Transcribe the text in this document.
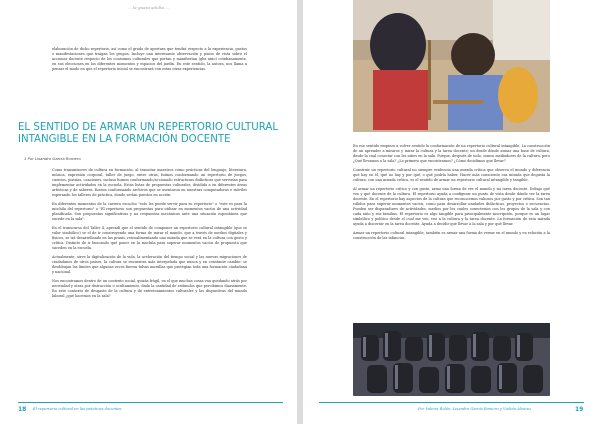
... la guasa adulta ...

elaboración de dicho repertorio, así como el grado de apertura que tendrá respecto a la experiencia, gustos o manifestaciones que traigan los grupos. Incluye una interesante observación y punto de vista sobre el accionar docente respecto de los consumos culturales que portan y manifiestan (ghs niño) cotidianamente, en sus elecciones en los diferentes momentos y espacios del jardín. En este sentido, la autora, nos llama a pensar el modo en que el repertorio inicial se encontrará con estas otras experiencias.

EL SENTIDO DE ARMAR UN REPERTORIO CULTURAL INTANGIBLE EN LA FORMACIÓN DOCENTE
1 Por Lisandro García Romero

Como transmisores de cultura en formación, al transitar maestros como prácticas del lenguaje, literatura, música, expresión corporal, taller de juego, entre otras, fuimos conformando un repertorio de juegos, cuentos, poesías, canciones, incluso fuimos conformando/accionado estructuras didácticas que servirían para implementar actividades en la escuela. Estas listas de propuestas culturales, dividida a en diferentes áreas artísticas y de saberes, fueron conformando archivos que se asentaron en nuestras computadoras e móviles esperando los talleres de práctica, donde serían puestos en acción.

En diferentes momentos de la carrera escucho "esto les puede servir para su repertorio" o "este es para la mochila del repertorio" o "El repertorio son propuestas para utilizar en momentos vacíos de una actividad planificada. Son propuestas significativas y no respuestas mecánicas ante una situación espontánea que sucede en la sala".

En el transcurso del Taller 4, aprendí que el sentido de componer un repertorio cultural intangible (que se valor simbólico) se el de ir construyendo una forma de mirar el mundo, que a través de medios digitales y físicos, se irá desarrollando en las praxis, retroalimentando una mirada que se verá en la cultura con gusto y crítica. Distinto de ir buscando qué poner en la mochila para superar momentos vacíos de propuesta que suceden en la escuela.

Actualmente, sirve la digitalización de la vida, la aceleración del tiempo social y las nuevas migraciones de ciudadanos de otros países, la cultura se encuentra más interpelada que nunca y en constante cambio: se desdibujan los límites que algunas veces fueron falsas murallas que protegían toda una formación ciudadana y nacional.

Nos encontramos dentro de un contexto social, quizás frágil, en el que muchas cosas van quedando atrás por necesidad y otras por distracción o ocultamiento, dado la cantidad de estímulos que percibimos diariamente. En este contexto de desgaste de la cultura y de entretenimientos culturales y las disyuntivas del mundo laboral ¿qué hacemos en la sala?

18 El repertorio cultural en las prácticas docentes

En ese sentido empiezo a volver sentido la conformación de un repertorio cultural intangible. La construcción de un aprender a mirarse y mirar la cultura y la tarea docente; un desde dónde armar una base de cultura, desde la cual conectar con les niñes en la sala. Porque, después de todo, somos mediadores de la cultura, pero ¿Qué llevamos a la sala? ¿Lo primero que encontramos? ¿Cómo decidimos que llevar?

Construir un repertorio cultural no siempre evidencia una mirada crítica que observa el mundo y diferencia qué hay en él, qué no hay y por qué, o qué podría haber. Hacer más consciente esa mirada que degusta la cultura, con una mirada crítica, es el sentido de armar un repertorio cultural intangible y tangible.

Al armar un repertorio crítico y con gusto, armo una forma de ver el mundo y mi tarea docente. Debajo qué veo y qué docente de la cultura. El repertorio ayuda a configurar un punto de vista desde dónde ver la tarea docente. En el repertorio hay aspectos de la cultura que reconocemos valiosos por gusto y por crítica. Son tan válidos para superar momentos vacíos, como para desarrollar unidades didácticas, proyectos o secuencias. Pueden ser disparadores de actividades, medios por les cuales conectemos con les grupos de la sala y con cada niño y sus familias. El repertorio es algo tangible para principalmente inscripción, porque es un lugar simbólico y político desde el cual me veo, veo a la cultura y la tarea docente. La formación de esta mirada ayuda a discernir en la tarea docente. Ayuda a decidir qué llevar a la sala y por qué llevar.

Armar un repertorio cultural intangible, también es armar una forma de verme en el mundo y en relación a la construcción de las infancias.

Por Valeria Rolón, Lisandro García Romero y Violeta Álvarez	19
